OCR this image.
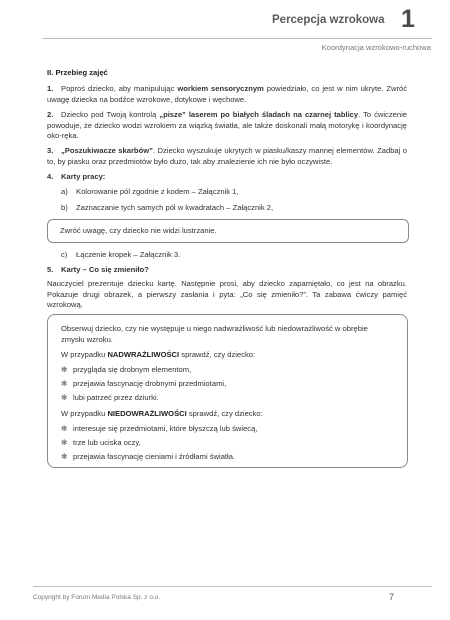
Percepcja wzrokowa 1
Koordynacja wzrokowo-ruchowa
II. Przebieg zajęć
1. Poproś dziecko, aby manipulując workiem sensorycznym powiedziało, co jest w nim ukryte. Zwróć uwagę dziecka na bodźce wzrokowe, dotykowe i węchowe.
2. Dziecko pod Twoją kontrolą „pisze” laserem po białych śladach na czarnej tablicy. To ćwiczenie powoduje, że dziecko wodzi wzrokiem za wiązką światła, ale także doskonali małą motorykę i koordynację oko-ręka.
3. „Poszukiwacze skarbów”. Dziecko wyszukuje ukrytych w piasku/kaszy mannej elementów. Zadbaj o to, by piasku oraz przedmiotów było dużo, tak aby znalezienie ich nie było oczywiste.
4. Karty pracy:
a) Kolorowanie pól zgodnie z kodem – Załącznik 1,
b) Zaznaczanie tych samych pól w kwadratach – Załącznik 2,
Zwróć uwagę, czy dziecko nie widzi lustrzanie.
c) Łączenie kropek – Załącznik 3.
5. Karty – Co się zmieniło?
Nauczyciel prezentuje dziecku kartę. Następnie prosi, aby dziecko zapamiętało, co jest na obrazku. Pokazuje drugi obrazek, a pierwszy zasłania i pyta: „Co się zmieniło?”. Ta zabawa ćwiczy pamięć wzrokową.
Obserwuj dziecko, czy nie występuje u niego nadwrażliwość lub niedowrażliwość w obrębie zmysłu wzroku.
W przypadku NADWRAŻLIWOŚCI sprawdź, czy dziecko:
✻ przygląda się drobnym elementom,
✻ przejawia fascynację drobnymi przedmiotami,
✻ lubi patrzeć przez dziurki.
W przypadku NIEDOWRAŻLIWOŚCI sprawdź, czy dziecko:
✻ interesuje się przedmiotami, które błyszczą lub świecą,
✻ trze lub uciska oczy,
✻ przejawia fascynację cieniami i źródłami światła.
Copyright by Forum Media Polska Sp. z o.o.	7
